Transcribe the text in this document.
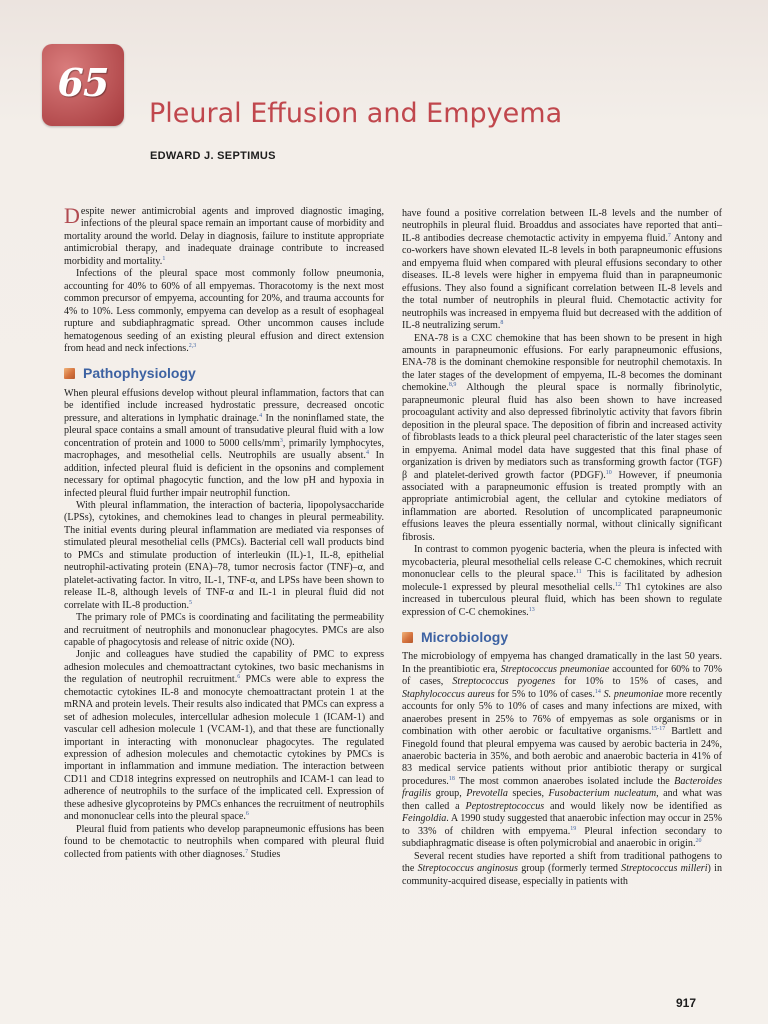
65
Pleural Effusion and Empyema

EDWARD J. SEPTIMUS

Despite newer antimicrobial agents and improved diagnostic imaging, infections of the pleural space remain an important cause of morbidity and mortality around the world. Delay in diagnosis, failure to institute appropriate antimicrobial therapy, and inadequate drainage contribute to increased morbidity and mortality.$^1$

Infections of the pleural space most commonly follow pneumonia, accounting for 40% to 60% of all empyemas. Thoracotomy is the next most common precursor of empyema, accounting for 20%, and trauma accounts for 4% to 10%. Less commonly, empyema can develop as a result of esophageal rupture and subdiaphragmatic spread. Other uncommon causes include hematogenous seeding of an existing pleural effusion and direct extension from head and neck infections.$^{2,3}$

Pathophysiology

When pleural effusions develop without pleural inflammation, factors that can be identified include increased hydrostatic pressure, decreased oncotic pressure, and alterations in lymphatic drainage.$^4$ In the noninflamed state, the pleural space contains a small amount of transudative pleural fluid with a low concentration of protein and 1000 to 5000 cells/$mm^3$, primarily lymphocytes, macrophages, and mesothelial cells. Neutrophils are usually absent.$^4$ In addition, infected pleural fluid is deficient in the opsonins and complement necessary for optimal phagocytic function, and the low pH and hypoxia in infected pleural fluid further impair neutrophil function.

With pleural inflammation, the interaction of bacteria, lipopolysaccharide (LPSs), cytokines, and chemokines lead to changes in pleural permeability. The initial events during pleural inflammation are mediated via responses of stimulated pleural mesothelial cells (PMCs). Bacterial cell wall products bind to PMCs and stimulate production of interleukin (IL)-1, IL-8, epithelial neutrophil-activating protein (ENA)–78, tumor necrosis factor (TNF)–α, and platelet-activating factor. In vitro, IL-1, TNF-α, and LPSs have been shown to release IL-8, although levels of TNF-α and IL-1 in pleural fluid did not correlate with IL-8 production.$^5$

The primary role of PMCs is coordinating and facilitating the permeability and recruitment of neutrophils and mononuclear phagocytes. PMCs are also capable of phagocytosis and release of nitric oxide (NO).

Jonjic and colleagues have studied the capability of PMC to express adhesion molecules and chemoattractant cytokines, two basic mechanisms in the regulation of neutrophil recruitment.$^6$ PMCs were able to express the chemotactic cytokines IL-8 and monocyte chemoattractant protein 1 at the mRNA and protein levels. Their results also indicated that PMCs can express a set of adhesion molecules, intercellular adhesion molecule 1 (ICAM-1) and vascular cell adhesion molecule 1 (VCAM-1), and that these are functionally important in interacting with mononuclear phagocytes. The regulated expression of adhesion molecules and chemotactic cytokines by PMCs is important in inflammation and immune mediation. The interaction between CD11 and CD18 integrins expressed on neutrophils and ICAM-1 can lead to adherence of neutrophils to the surface of the implicated cell. Expression of these adhesive glycoproteins by PMCs enhances the recruitment of neutrophils and mononuclear cells into the pleural space.$^6$

Pleural fluid from patients who develop parapneumonic effusions has been found to be chemotactic to neutrophils when compared with pleural fluid collected from patients with other diagnoses.$^7$ Studies

have found a positive correlation between IL-8 levels and the number of neutrophils in pleural fluid. Broaddus and associates have reported that anti–IL-8 antibodies decrease chemotactic activity in empyema fluid.$^7$ Antony and co-workers have shown elevated IL-8 levels in both parapneumonic effusions and empyema fluid when compared with pleural effusions secondary to other diseases. IL-8 levels were higher in empyema fluid than in parapneumonic effusions. They also found a significant correlation between IL-8 levels and the total number of neutrophils in pleural fluid. Chemotactic activity for neutrophils was increased in empyema fluid but decreased with the addition of IL-8 neutralizing serum.$^8$

ENA-78 is a CXC chemokine that has been shown to be present in high amounts in parapneumonic effusions. For early parapneumonic effusions, ENA-78 is the dominant chemokine responsible for neutrophil chemotaxis. In the later stages of the development of empyema, IL-8 becomes the dominant chemokine.$^{8,9}$ Although the pleural space is normally fibrinolytic, parapneumonic pleural fluid has also been shown to have increased procoagulant activity and also depressed fibrinolytic activity that favors fibrin deposition in the pleural space. The deposition of fibrin and increased activity of fibroblasts leads to a thick pleural peel characteristic of the later stages seen in empyema. Animal model data have suggested that this final phase of organization is driven by mediators such as transforming growth factor (TGF) β and platelet-derived growth factor (PDGF).$^{10}$ However, if pneumonia associated with a parapneumonic effusion is treated promptly with an appropriate antimicrobial agent, the cellular and cytokine mediators of inflammation are aborted. Resolution of uncomplicated parapneumonic effusions leaves the pleura essentially normal, without clinically significant fibrosis.

In contrast to common pyogenic bacteria, when the pleura is infected with mycobacteria, pleural mesothelial cells release C-C chemokines, which recruit mononuclear cells to the pleural space.$^{11}$ This is facilitated by adhesion molecule-1 expressed by pleural mesothelial cells.$^{12}$ Th1 cytokines are also increased in tuberculous pleural fluid, which has been shown to regulate expression of C-C chemokines.$^{13}$

Microbiology

The microbiology of empyema has changed dramatically in the last 50 years. In the preantibiotic era, Streptococcus pneumoniae accounted for 60% to 70% of cases, Streptococcus pyogenes for 10% to 15% of cases, and Staphylococcus aureus for 5% to 10% of cases.$^{14}$ S. pneumoniae more recently accounts for only 5% to 10% of cases and many infections are mixed, with anaerobes present in 25% to 76% of empyemas as sole organisms or in combination with other aerobic or facultative organisms.$^{15-17}$ Bartlett and Finegold found that pleural empyema was caused by aerobic bacteria in 24%, anaerobic bacteria in 35%, and both aerobic and anaerobic bacteria in 41% of 83 medical service patients without prior antibiotic therapy or surgical procedures.$^{18}$ The most common anaerobes isolated include the Bacteroides fragilis group, Prevotella species, Fusobacterium nucleatum, and what was then called a Peptostreptococcus and would likely now be identified as Feingoldia. A 1990 study suggested that anaerobic infection may occur in 25% to 33% of children with empyema.$^{19}$ Pleural infection secondary to subdiaphragmatic disease is often polymicrobial and anaerobic in origin.$^{20}$

Several recent studies have reported a shift from traditional pathogens to the Streptococcus anginosus group (formerly termed Streptococcus milleri) in community-acquired disease, especially in patients with

917
